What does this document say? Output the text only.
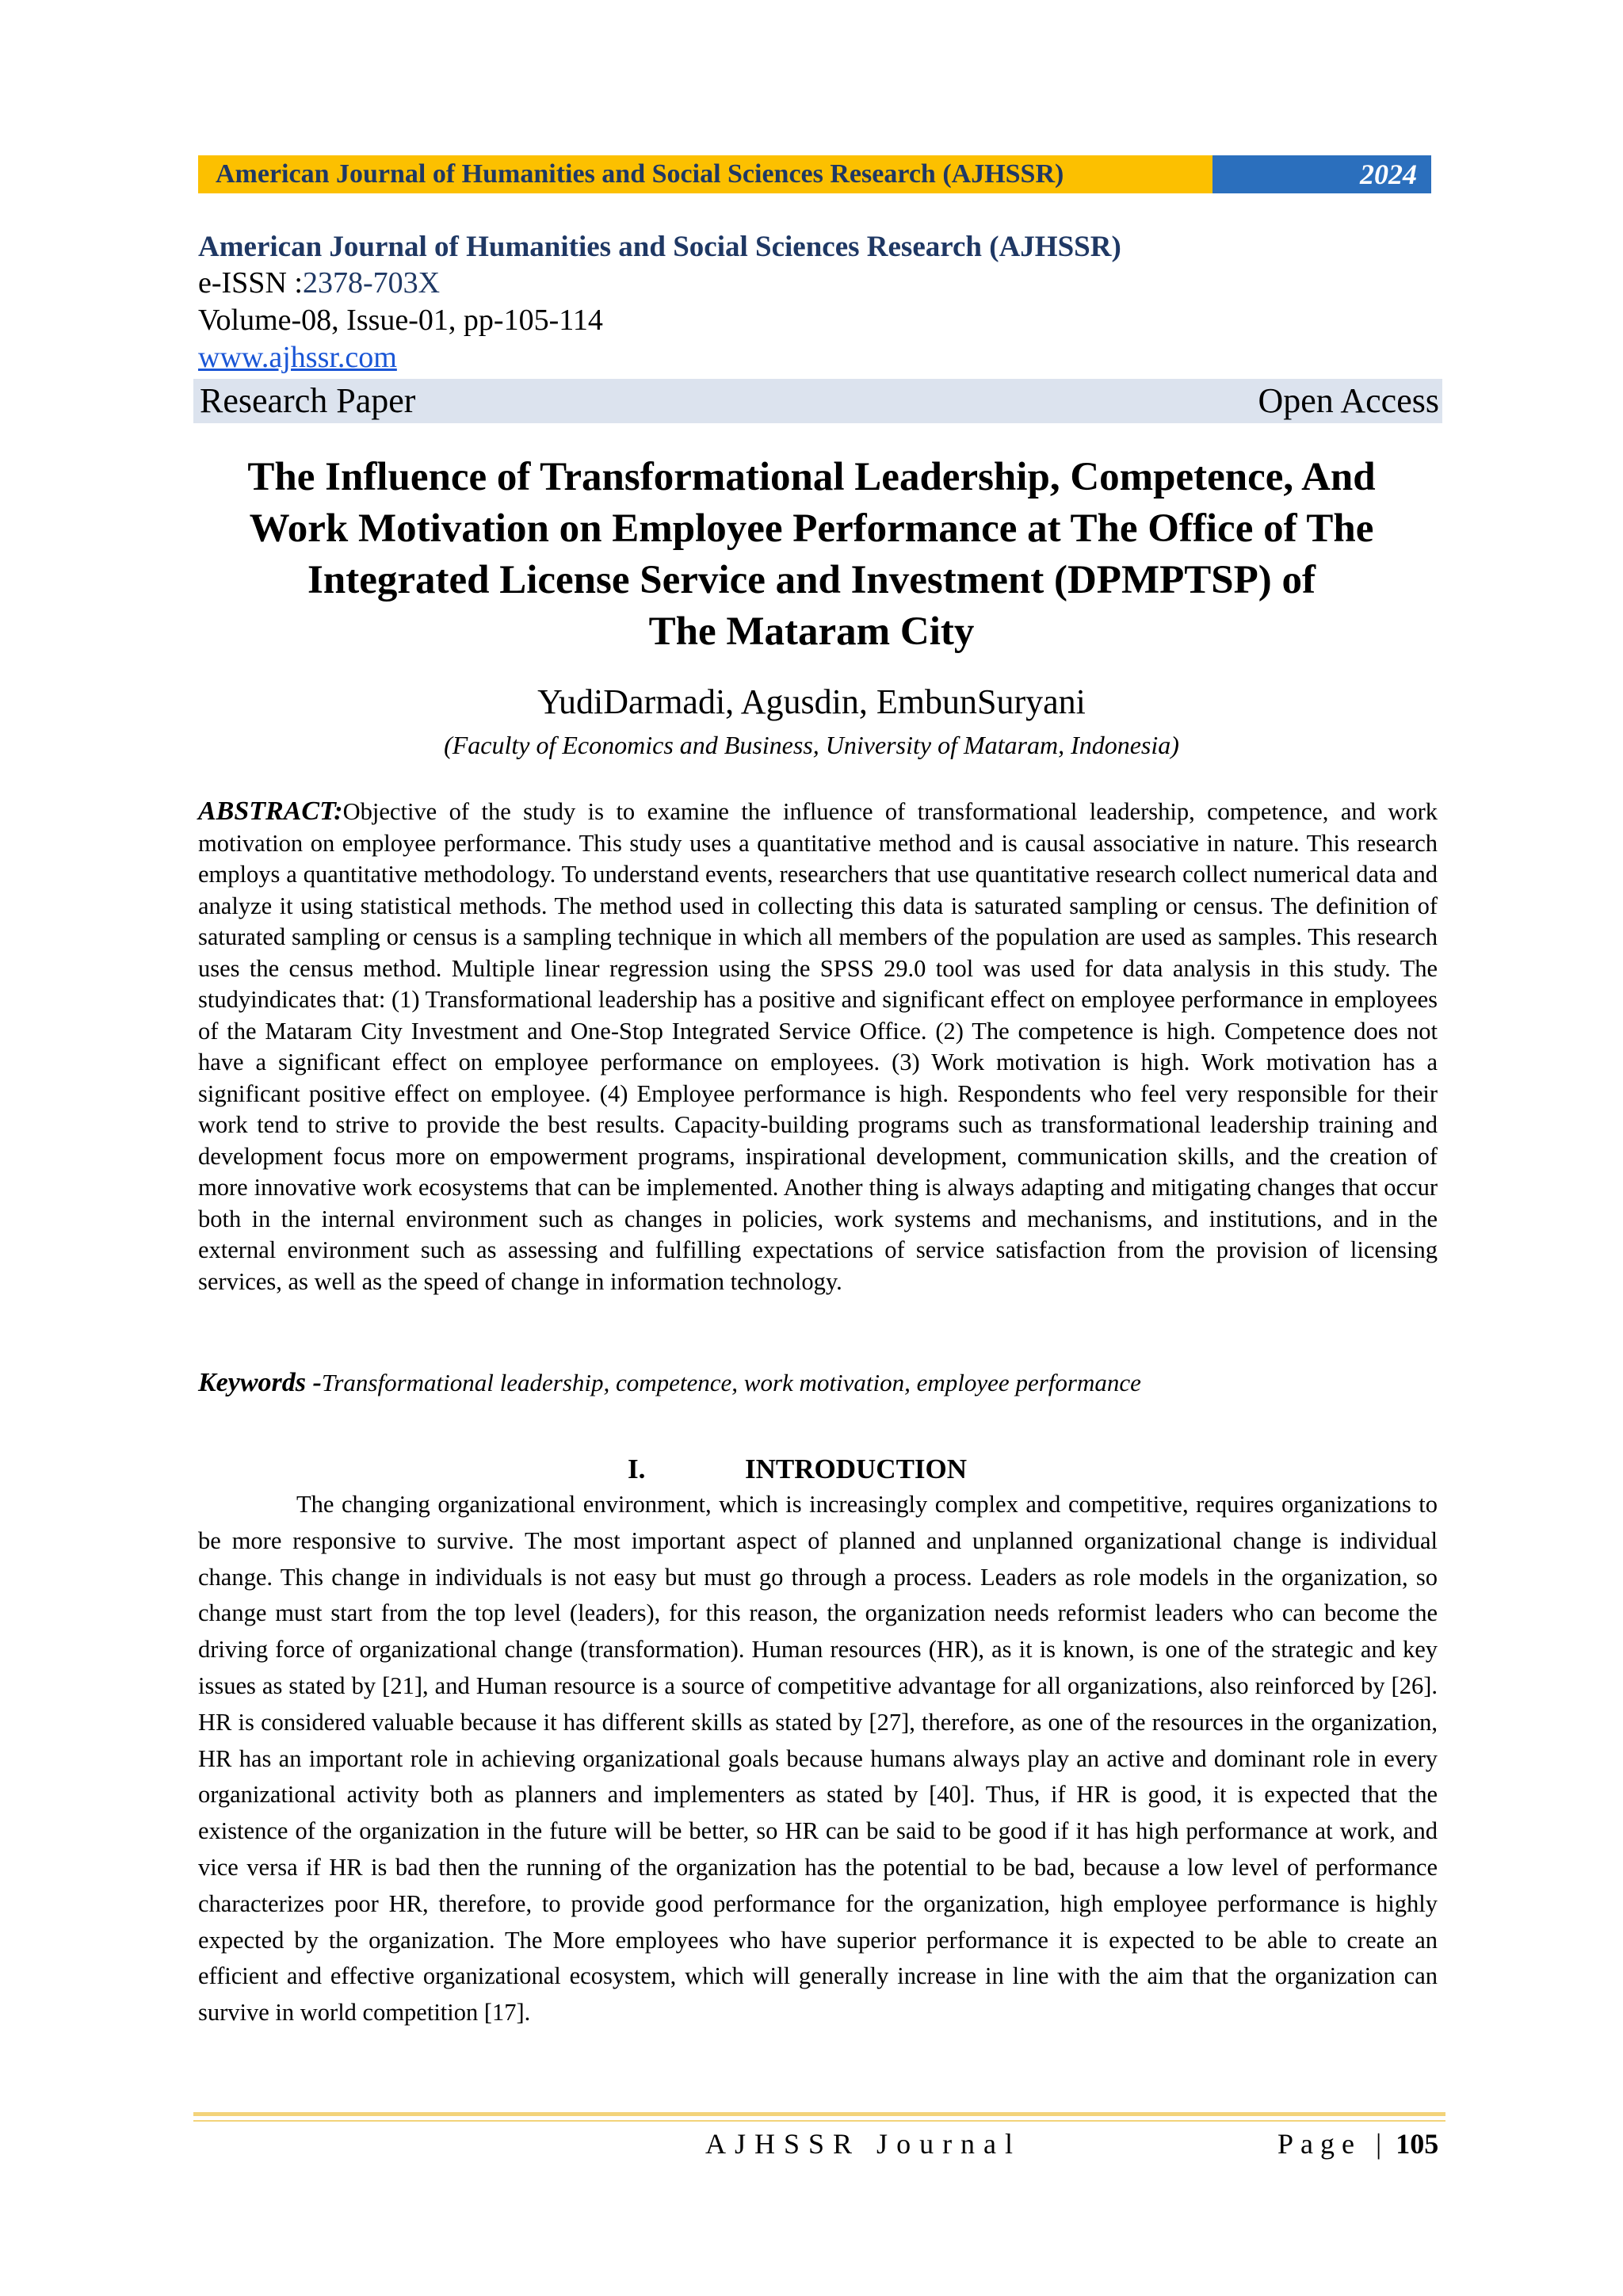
American Journal of Humanities and Social Sciences Research (AJHSSR)	2024
American Journal of Humanities and Social Sciences Research (AJHSSR)
e-ISSN :2378-703X
Volume-08, Issue-01, pp-105-114
www.ajhssr.com
Research Paper	Open Access
The Influence of Transformational Leadership, Competence, And
Work Motivation on Employee Performance at The Office of The
Integrated License Service and Investment (DPMPTSP) of
The Mataram City
YudiDarmadi, Agusdin, EmbunSuryani
(Faculty of Economics and Business, University of Mataram, Indonesia)
ABSTRACT:Objective of the study is to examine the influence of transformational leadership, competence, and work motivation on employee performance. This study uses a quantitative method and is causal associative in nature. This research employs a quantitative methodology. To understand events, researchers that use quantitative research collect numerical data and analyze it using statistical methods. The method used in collecting this data is saturated sampling or census. The definition of saturated sampling or census is a sampling technique in which all members of the population are used as samples. This research uses the census method. Multiple linear regression using the SPSS 29.0 tool was used for data analysis in this study. The studyindicates that: (1) Transformational leadership has a positive and significant effect on employee performance in employees of the Mataram City Investment and One-Stop Integrated Service Office. (2) The competence is high. Competence does not have a significant effect on employee performance on employees. (3) Work motivation is high. Work motivation has a significant positive effect on employee. (4) Employee performance is high. Respondents who feel very responsible for their work tend to strive to provide the best results. Capacity-building programs such as transformational leadership training and development focus more on empowerment programs, inspirational development, communication skills, and the creation of more innovative work ecosystems that can be implemented. Another thing is always adapting and mitigating changes that occur both in the internal environment such as changes in policies, work systems and mechanisms, and institutions, and in the external environment such as assessing and fulfilling expectations of service satisfaction from the provision of licensing services, as well as the speed of change in information technology.
Keywords -Transformational leadership, competence, work motivation, employee performance
I.	INTRODUCTION
The changing organizational environment, which is increasingly complex and competitive, requires organizations to be more responsive to survive. The most important aspect of planned and unplanned organizational change is individual change. This change in individuals is not easy but must go through a process. Leaders as role models in the organization, so change must start from the top level (leaders), for this reason, the organization needs reformist leaders who can become the driving force of organizational change (transformation). Human resources (HR), as it is known, is one of the strategic and key issues as stated by [21], and Human resource is a source of competitive advantage for all organizations, also reinforced by [26]. HR is considered valuable because it has different skills as stated by [27], therefore, as one of the resources in the organization, HR has an important role in achieving organizational goals because humans always play an active and dominant role in every organizational activity both as planners and implementers as stated by [40]. Thus, if HR is good, it is expected that the existence of the organization in the future will be better, so HR can be said to be good if it has high performance at work, and vice versa if HR is bad then the running of the organization has the potential to be bad, because a low level of performance characterizes poor HR, therefore, to provide good performance for the organization, high employee performance is highly expected by the organization. The More employees who have superior performance it is expected to be able to create an efficient and effective organizational ecosystem, which will generally increase in line with the aim that the organization can survive in world competition [17].
AJHSSR Journal	Page | 105
